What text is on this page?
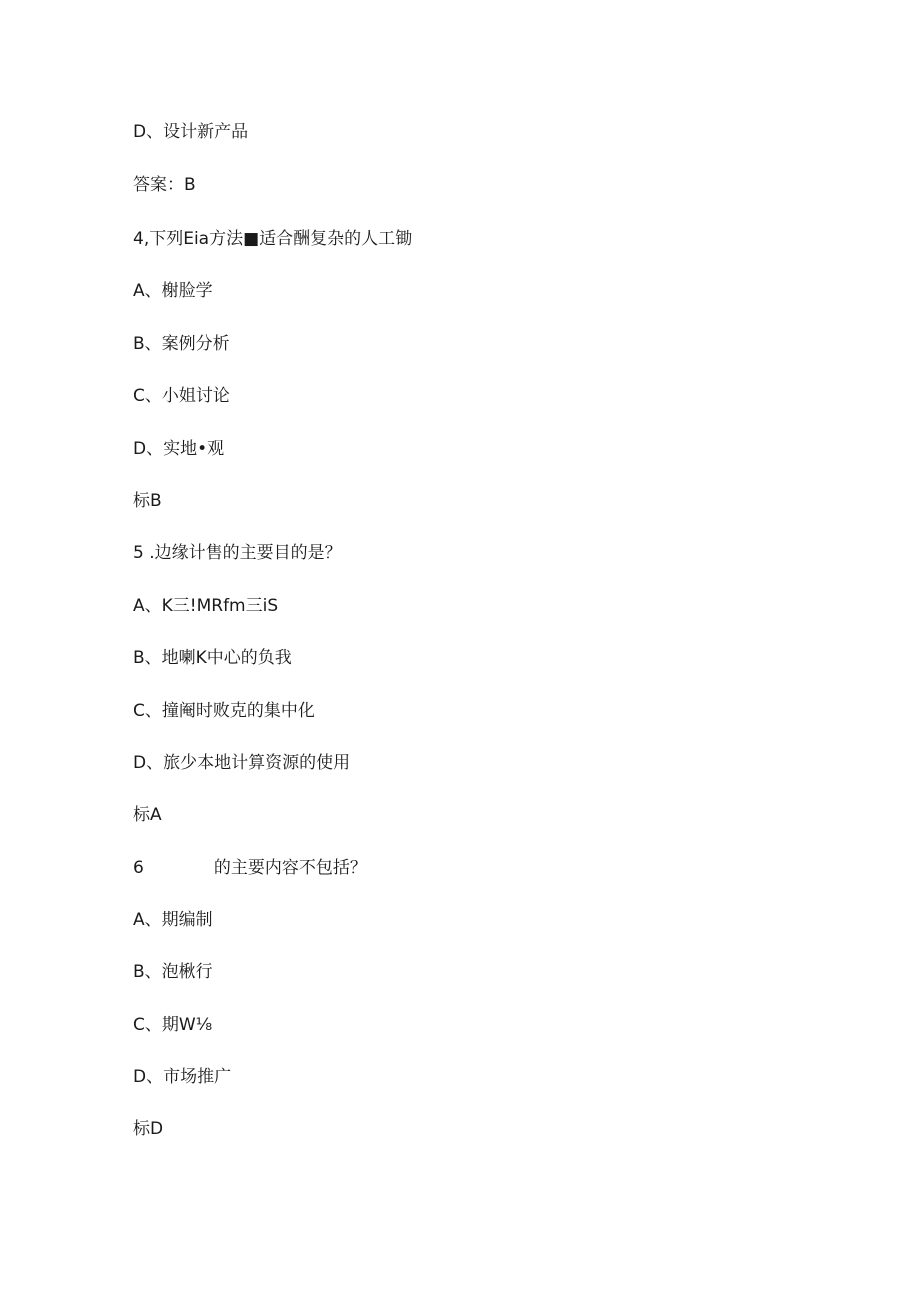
D、设计新产品
答案：B
4,下列Eia方法■适合酬复杂的人工锄
A、榭脸学
B、案例分析
C、小姐讨论
D、实地•观
标B
5 .边缘计售的主要目的是？
A、K三!MRfm三iS
B、地喇K中心的负我
C、撞阉时败克的集中化
D、旅少本地计算资源的使用
标A
6	的主要内容不包括？
A、期编制
B、泡楸行
C、期W⅛
D、市场推广
标D
